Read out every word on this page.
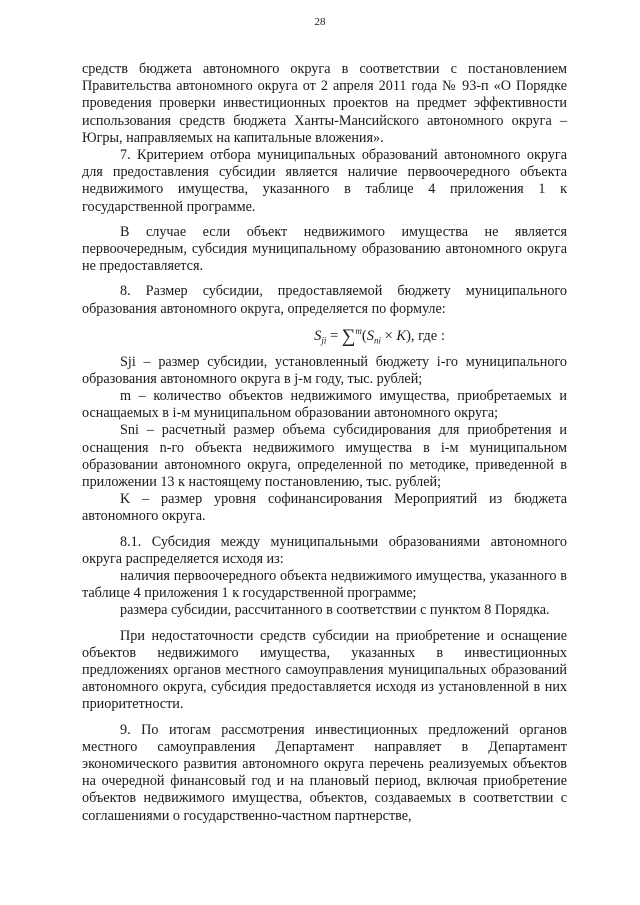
28

средств бюджета автономного округа в соответствии с постановлением Правительства автономного округа от 2 апреля 2011 года № 93-п «О Порядке проведения проверки инвестиционных проектов на предмет эффективности использования средств бюджета Ханты-Мансийского автономного округа – Югры, направляемых на капитальные вложения».

7. Критерием отбора муниципальных образований автономного округа для предоставления субсидии является наличие первоочередного объекта недвижимого имущества, указанного в таблице 4 приложения 1 к государственной программе.

В случае если объект недвижимого имущества не является первоочередным, субсидия муниципальному образованию автономного округа не предоставляется.

8. Размер субсидии, предоставляемой бюджету муниципального образования автономного округа, определяется по формуле:

$S_{ji} = \sum^m(S_{ni} \times K)$, где :

Sji – размер субсидии, установленный бюджету i-го муниципального образования автономного округа в j-м году, тыс. рублей;

m – количество объектов недвижимого имущества, приобретаемых и оснащаемых в i-м муниципальном образовании автономного округа;

Sni – расчетный размер объема субсидирования для приобретения и оснащения n-го объекта недвижимого имущества в i-м муниципальном образовании автономного округа, определенной по методике, приведенной в приложении 13 к настоящему постановлению, тыс. рублей;

K – размер уровня софинансирования Мероприятий из бюджета автономного округа.

8.1. Субсидия между муниципальными образованиями автономного округа распределяется исходя из:

наличия первоочередного объекта недвижимого имущества, указанного в таблице 4 приложения 1 к государственной программе;

размера субсидии, рассчитанного в соответствии с пунктом 8 Порядка.

При недостаточности средств субсидии на приобретение и оснащение объектов недвижимого имущества, указанных в инвестиционных предложениях органов местного самоуправления муниципальных образований автономного округа, субсидия предоставляется исходя из установленной в них приоритетности.

9. По итогам рассмотрения инвестиционных предложений органов местного самоуправления Департамент направляет в Департамент экономического развития автономного округа перечень реализуемых объектов на очередной финансовый год и на плановый период, включая приобретение объектов недвижимого имущества, объектов, создаваемых в соответствии с соглашениями о государственно-частном партнерстве,
